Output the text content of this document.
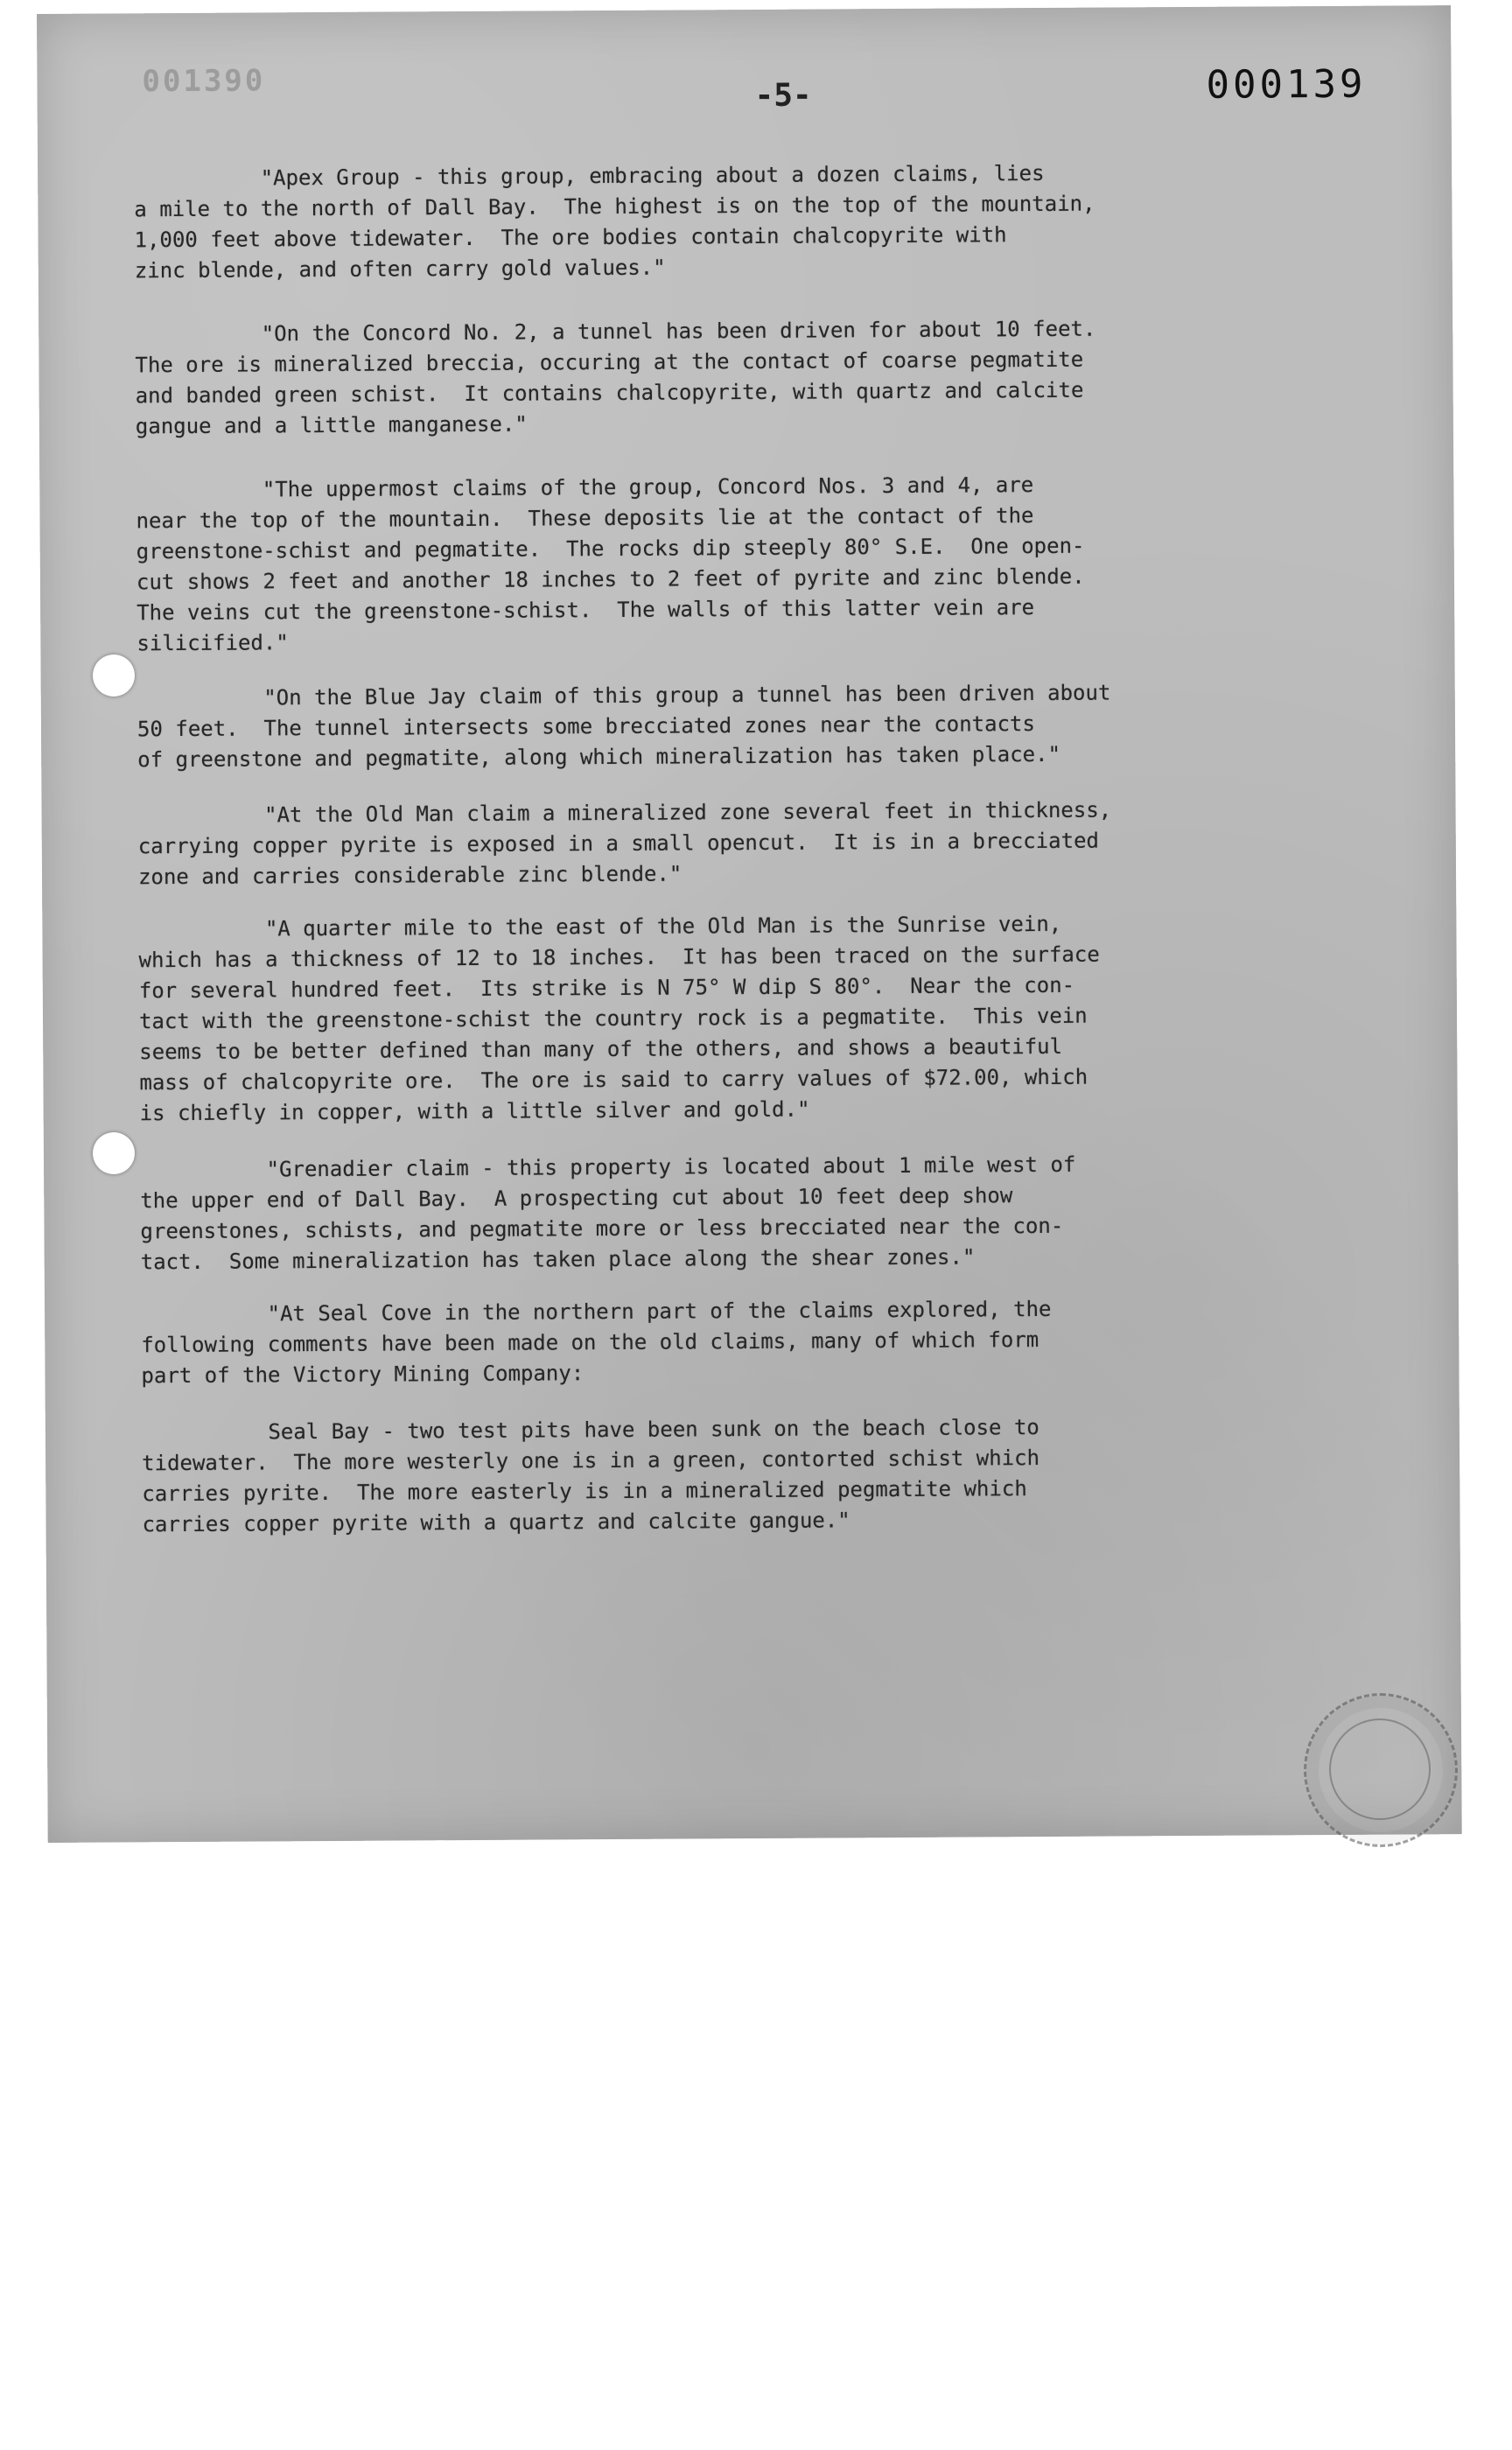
001390	-5-	000139

"Apex Group - this group, embracing about a dozen claims, lies
a mile to the north of Dall Bay.  The highest is on the top of the mountain,
1,000 feet above tidewater.  The ore bodies contain chalcopyrite with
zinc blende, and often carry gold values."

"On the Concord No. 2, a tunnel has been driven for about 10 feet.
The ore is mineralized breccia, occuring at the contact of coarse pegmatite
and banded green schist.  It contains chalcopyrite, with quartz and calcite
gangue and a little manganese."

"The uppermost claims of the group, Concord Nos. 3 and 4, are
near the top of the mountain.  These deposits lie at the contact of the
greenstone-schist and pegmatite.  The rocks dip steeply 80° S.E.  One open-
cut shows 2 feet and another 18 inches to 2 feet of pyrite and zinc blende.
The veins cut the greenstone-schist.  The walls of this latter vein are
silicified."

"On the Blue Jay claim of this group a tunnel has been driven about
50 feet.  The tunnel intersects some brecciated zones near the contacts
of greenstone and pegmatite, along which mineralization has taken place."

"At the Old Man claim a mineralized zone several feet in thickness,
carrying copper pyrite is exposed in a small opencut.  It is in a brecciated
zone and carries considerable zinc blende."

"A quarter mile to the east of the Old Man is the Sunrise vein,
which has a thickness of 12 to 18 inches.  It has been traced on the surface
for several hundred feet.  Its strike is N 75° W dip S 80°.  Near the con-
tact with the greenstone-schist the country rock is a pegmatite.  This vein
seems to be better defined than many of the others, and shows a beautiful
mass of chalcopyrite ore.  The ore is said to carry values of $72.00, which
is chiefly in copper, with a little silver and gold."

"Grenadier claim - this property is located about 1 mile west of
the upper end of Dall Bay.  A prospecting cut about 10 feet deep show
greenstones, schists, and pegmatite more or less brecciated near the con-
tact.  Some mineralization has taken place along the shear zones."

"At Seal Cove in the northern part of the claims explored, the
following comments have been made on the old claims, many of which form
part of the Victory Mining Company:

Seal Bay - two test pits have been sunk on the beach close to
tidewater.  The more westerly one is in a green, contorted schist which
carries pyrite.  The more easterly is in a mineralized pegmatite which
carries copper pyrite with a quartz and calcite gangue."
